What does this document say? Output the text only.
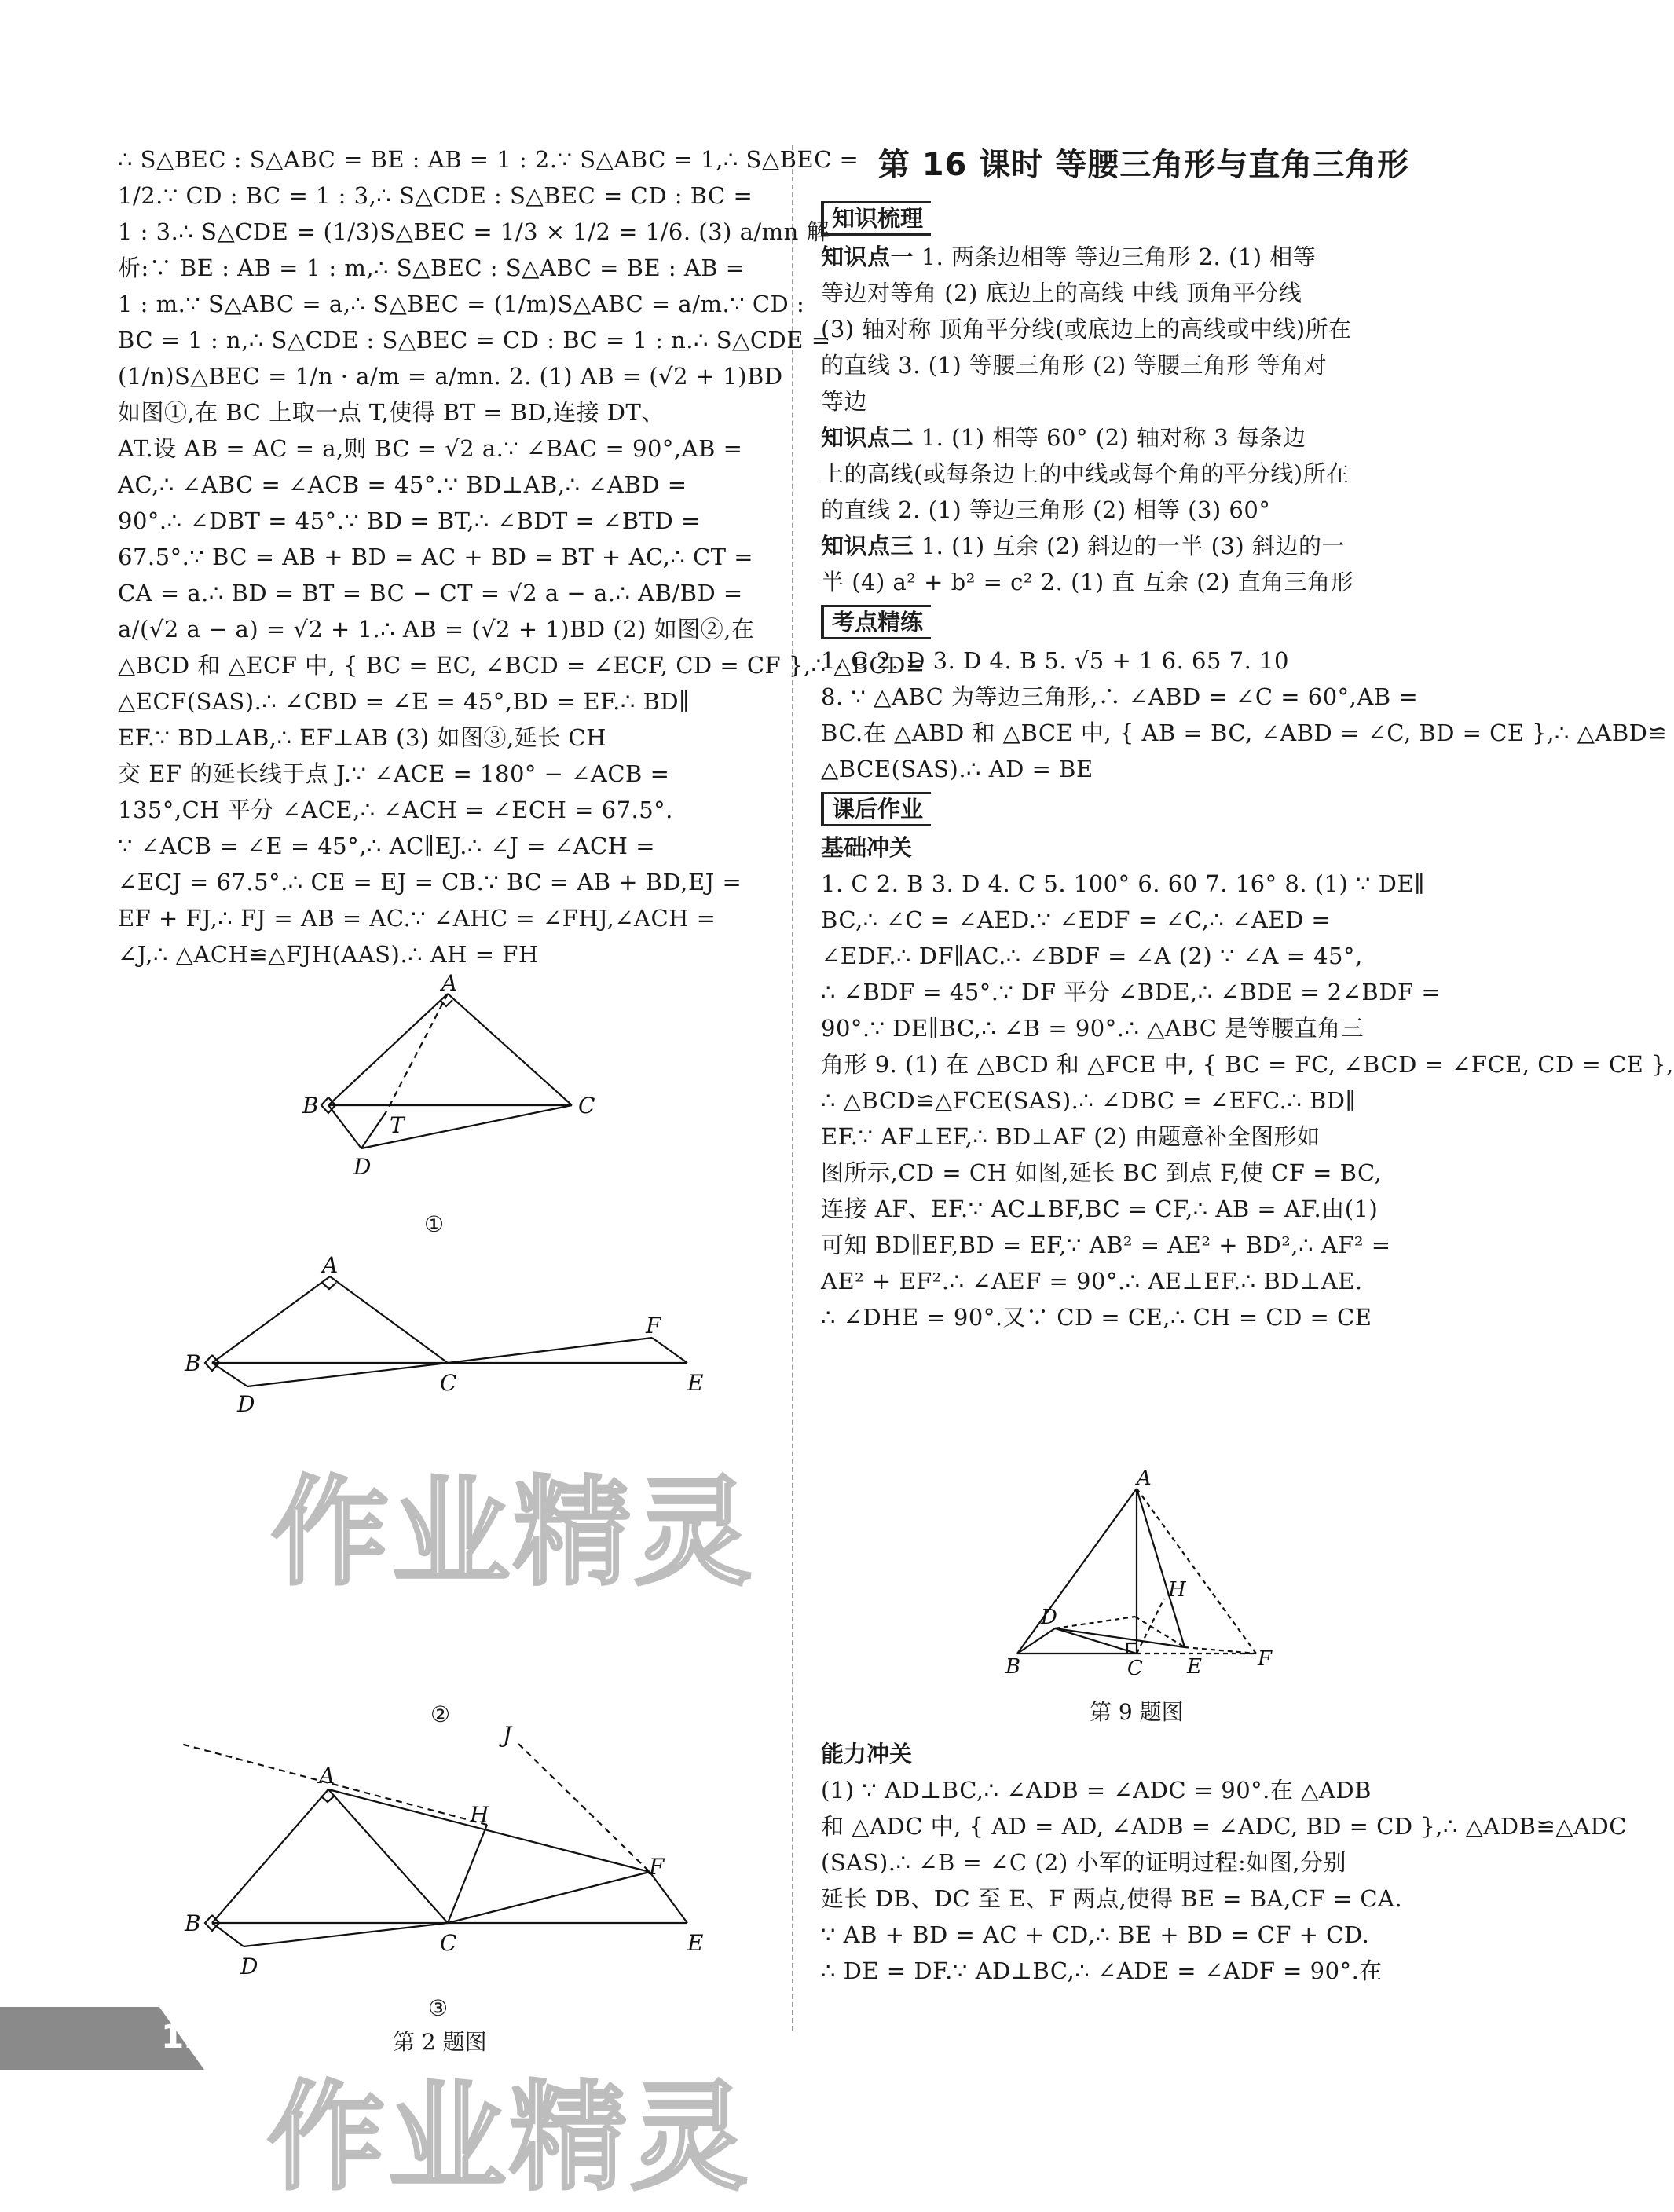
∴ S△BEC : S△ABC = BE : AB = 1 : 2.∵ S△ABC = 1,∴ S△BEC =
1/2.∵ CD : BC = 1 : 3,∴ S△CDE : S△BEC = CD : BC =
1 : 3.∴ S△CDE = (1/3)S△BEC = 1/3 × 1/2 = 1/6. (3) a/mn 解
析:∵ BE : AB = 1 : m,∴ S△BEC : S△ABC = BE : AB =
1 : m.∵ S△ABC = a,∴ S△BEC = (1/m)S△ABC = a/m.∵ CD :
BC = 1 : n,∴ S△CDE : S△BEC = CD : BC = 1 : n.∴ S△CDE =
(1/n)S△BEC = 1/n · a/m = a/mn. 2. (1) AB = (√2 + 1)BD
如图①,在 BC 上取一点 T,使得 BT = BD,连接 DT、
AT.设 AB = AC = a,则 BC = √2 a.∵ ∠BAC = 90°,AB =
AC,∴ ∠ABC = ∠ACB = 45°.∵ BD⊥AB,∴ ∠ABD =
90°.∴ ∠DBT = 45°.∵ BD = BT,∴ ∠BDT = ∠BTD =
67.5°.∵ BC = AB + BD = AC + BD = BT + AC,∴ CT =
CA = a.∴ BD = BT = BC − CT = √2 a − a.∴ AB/BD =
a/(√2 a − a) = √2 + 1.∴ AB = (√2 + 1)BD (2) 如图②,在
△BCD 和 △ECF 中, { BC = EC, ∠BCD = ∠ECF, CD = CF },∴ △BCD≌
△ECF(SAS).∴ ∠CBD = ∠E = 45°,BD = EF.∴ BD∥
EF.∵ BD⊥AB,∴ EF⊥AB (3) 如图③,延长 CH
交 EF 的延长线于点 J.∵ ∠ACE = 180° − ∠ACB =
135°,CH 平分 ∠ACE,∴ ∠ACH = ∠ECH = 67.5°.
∵ ∠ACB = ∠E = 45°,∴ AC∥EJ.∴ ∠J = ∠ACH =
∠ECJ = 67.5°.∴ CE = EJ = CB.∵ BC = AB + BD,EJ =
EF + FJ,∴ FJ = AB = AC.∵ ∠AHC = ∠FHJ,∠ACH =
∠J,∴ △ACH≌△FJH(AAS).∴ AH = FH
A
B	C
T
D
①
A
B
C	E
D
F
②
A
B
C	E
D
F
H
J
③
第 2 题图
第 16 课时 等腰三角形与直角三角形
知识梳理
知识点一 1. 两条边相等 等边三角形 2. (1) 相等
等边对等角 (2) 底边上的高线 中线 顶角平分线
(3) 轴对称 顶角平分线(或底边上的高线或中线)所在
的直线 3. (1) 等腰三角形 (2) 等腰三角形 等角对
等边
知识点二 1. (1) 相等 60° (2) 轴对称 3 每条边
上的高线(或每条边上的中线或每个角的平分线)所在
的直线 2. (1) 等边三角形 (2) 相等 (3) 60°
知识点三 1. (1) 互余 (2) 斜边的一半 (3) 斜边的一
半 (4) a² + b² = c² 2. (1) 直 互余 (2) 直角三角形
考点精练
1. C 2. D 3. D 4. B 5. √5 + 1 6. 65 7. 10
8. ∵ △ABC 为等边三角形,∴ ∠ABD = ∠C = 60°,AB =
BC.在 △ABD 和 △BCE 中, { AB = BC, ∠ABD = ∠C, BD = CE },∴ △ABD≌
△BCE(SAS).∴ AD = BE
课后作业
基础冲关
1. C 2. B 3. D 4. C 5. 100° 6. 60 7. 16° 8. (1) ∵ DE∥
BC,∴ ∠C = ∠AED.∵ ∠EDF = ∠C,∴ ∠AED =
∠EDF.∴ DF∥AC.∴ ∠BDF = ∠A (2) ∵ ∠A = 45°,
∴ ∠BDF = 45°.∵ DF 平分 ∠BDE,∴ ∠BDE = 2∠BDF =
90°.∵ DE∥BC,∴ ∠B = 90°.∴ △ABC 是等腰直角三
角形 9. (1) 在 △BCD 和 △FCE 中, { BC = FC, ∠BCD = ∠FCE, CD = CE },
∴ △BCD≌△FCE(SAS).∴ ∠DBC = ∠EFC.∴ BD∥
EF.∵ AF⊥EF,∴ BD⊥AF (2) 由题意补全图形如
图所示,CD = CH 如图,延长 BC 到点 F,使 CF = BC,
连接 AF、EF.∵ AC⊥BF,BC = CF,∴ AB = AF.由(1)
可知 BD∥EF,BD = EF,∵ AB² = AE² + BD²,∴ AF² =
AE² + EF².∴ ∠AEF = 90°.∴ AE⊥EF.∴ BD⊥AE.
∴ ∠DHE = 90°.又∵ CD = CE,∴ CH = CD = CE
A
B	C
D
E	F
H
第 9 题图
能力冲关
(1) ∵ AD⊥BC,∴ ∠ADB = ∠ADC = 90°.在 △ADB
和 △ADC 中, { AD = AD, ∠ADB = ∠ADC, BD = CD },∴ △ADB≌△ADC
(SAS).∴ ∠B = ∠C (2) 小军的证明过程:如图,分别
延长 DB、DC 至 E、F 两点,使得 BE = BA,CF = CA.
∵ AB + BD = AC + CD,∴ BE + BD = CF + CD.
∴ DE = DF.∵ AD⊥BC,∴ ∠ADE = ∠ADF = 90°.在
作业精灵
作业精灵
12
